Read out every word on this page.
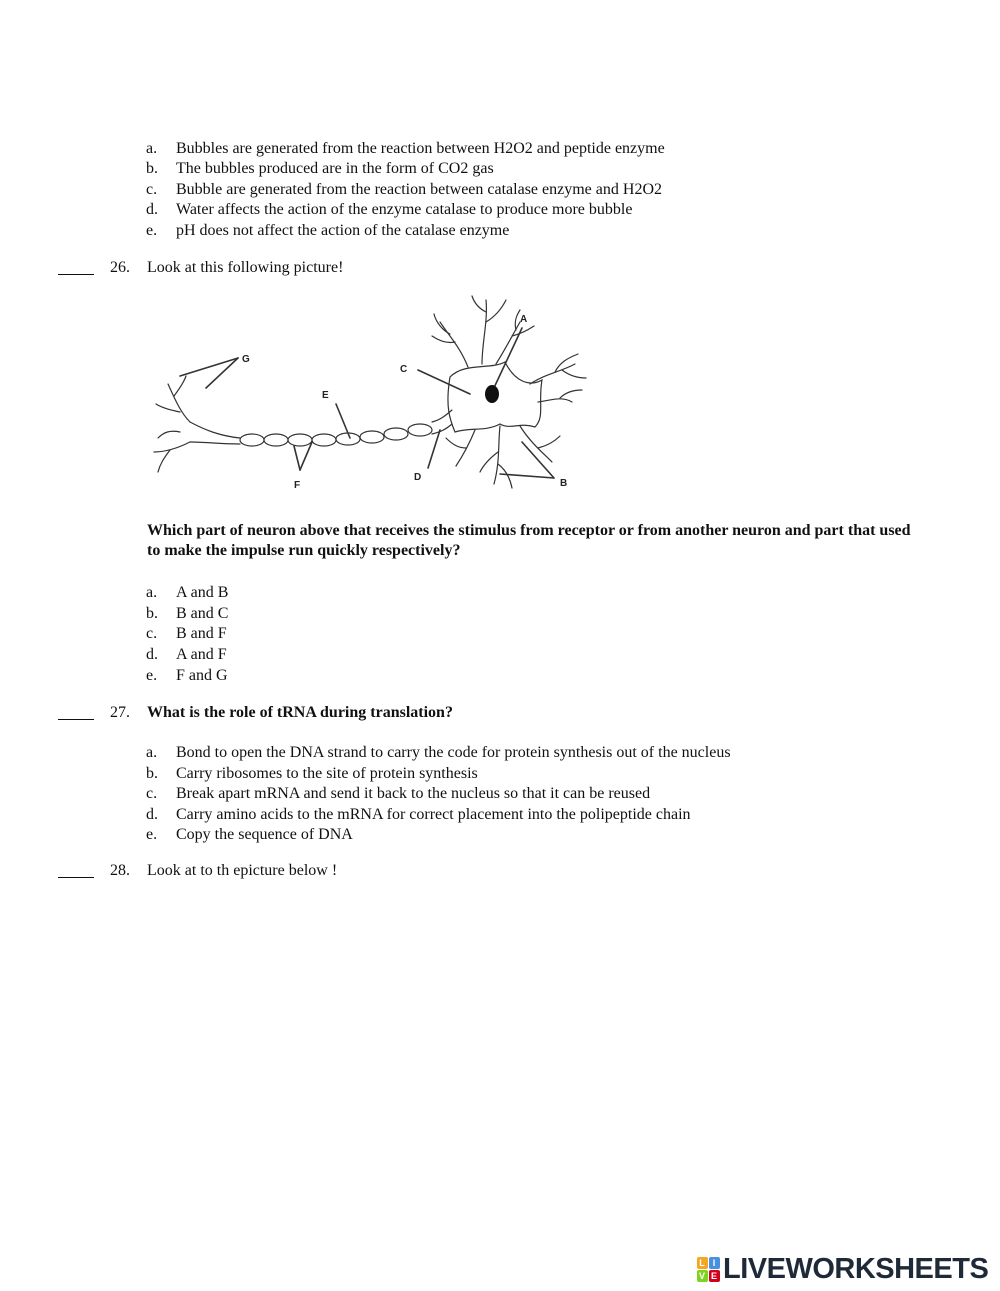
a. Bubbles are generated from the reaction between H2O2 and peptide enzyme
b. The bubbles produced are in the form of CO2 gas
c. Bubble are generated from the reaction between catalase enzyme and H2O2
d. Water affects the action of the enzyme catalase to produce more bubble
e. pH does not affect the action of the catalase enzyme
26. Look at this following picture!
A
B
C
D
E
F
G
Which part of neuron above that receives the stimulus from receptor or from another neuron and part that used to make the impulse run quickly respectively?
a. A and B
b. B and C
c. B and F
d. A and F
e. F and G
27. What is the role of tRNA during translation?
a. Bond to open the DNA strand to carry the code for protein synthesis out of the nucleus
b. Carry ribosomes to the site of protein synthesis
c. Break apart mRNA and send it back to the nucleus so that it can be reused
d. Carry amino acids to the mRNA for correct placement into the polipeptide chain
e. Copy the sequence of DNA
28. Look at to th epicture below !
L I
V E LIVEWORKSHEETS
